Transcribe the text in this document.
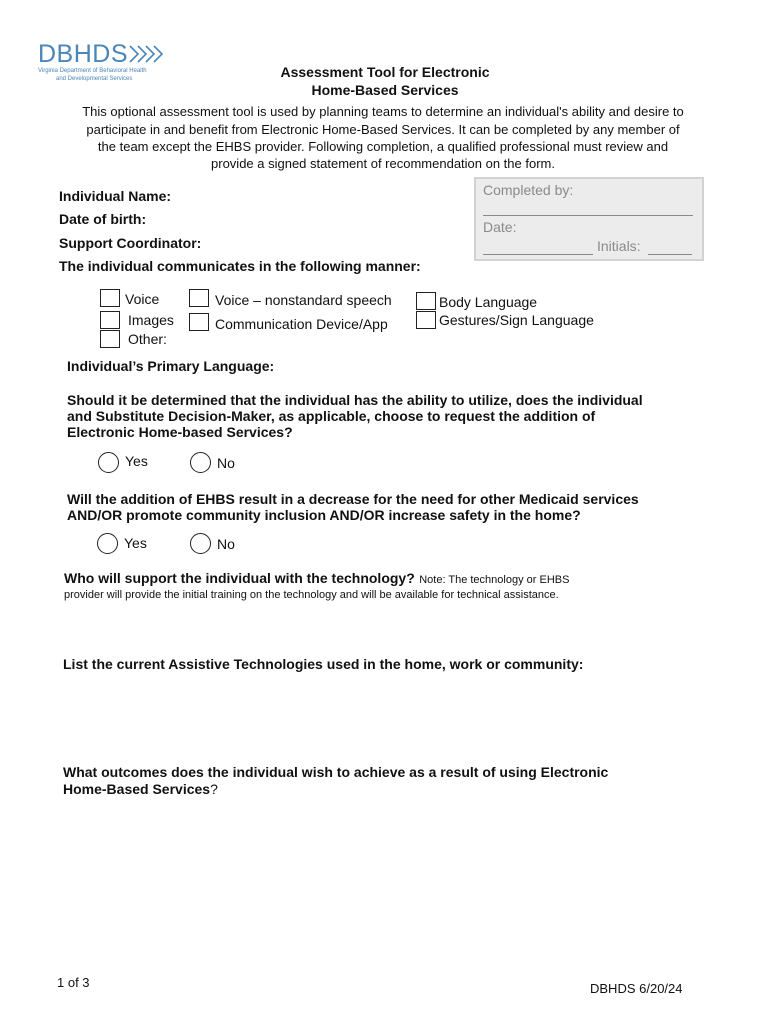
DBHDS
Virginia Department of Behavioral Health
and Developmental Services	Assessment Tool for Electronic
Home-Based Services
This optional assessment tool is used by planning teams to determine an individual's ability and desire to
participate in and benefit from Electronic Home-Based Services. It can be completed by any member of
the team except the EHBS provider. Following completion, a qualified professional must review and
provide a signed statement of recommendation on the form.
Completed by:
Date:
Initials:
Individual Name:
Date of birth:
Support Coordinator:
The individual communicates in the following manner:
Voice
Images
Other:
Voice – nonstandard speech
Communication Device/App
Body Language
Gestures/Sign Language
Individual’s Primary Language:
Should it be determined that the individual has the ability to utilize, does the individual
and Substitute Decision-Maker, as applicable, choose to request the addition of
Electronic Home-based Services?
Yes	No
Will the addition of EHBS result in a decrease for the need for other Medicaid services
AND/OR promote community inclusion AND/OR increase safety in the home?
Yes	No
Who will support the individual with the technology? Note: The technology or EHBS
provider will provide the initial training on the technology and will be available for technical assistance.
List the current Assistive Technologies used in the home, work or community:
What outcomes does the individual wish to achieve as a result of using Electronic
Home-Based Services?
1 of 3	DBHDS 6/20/24
